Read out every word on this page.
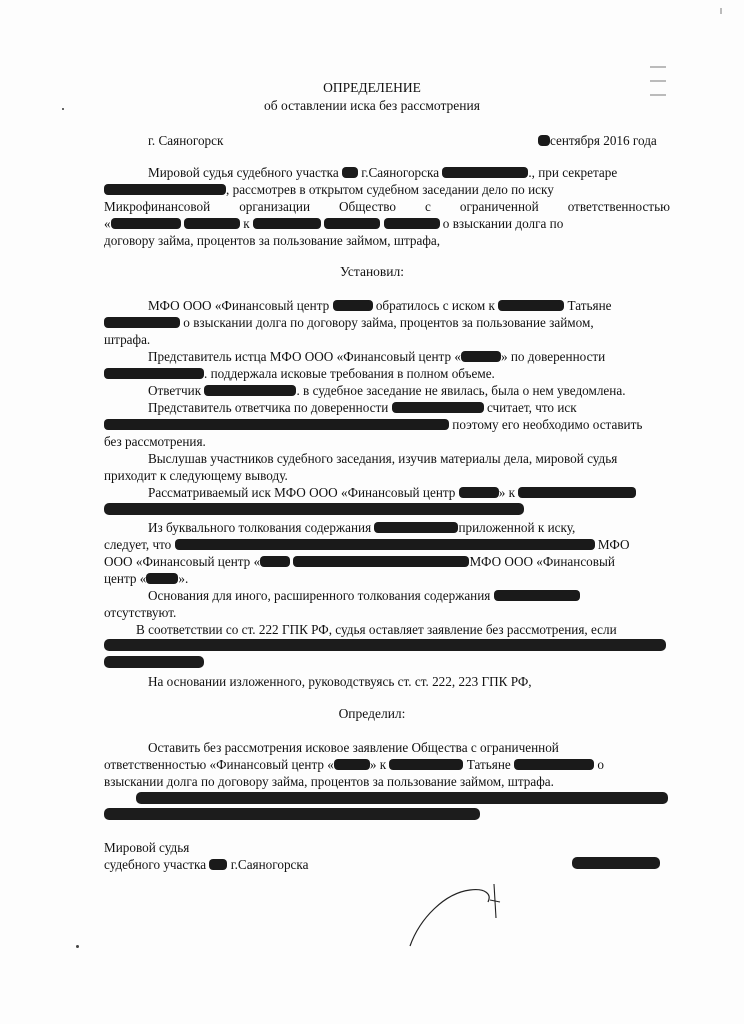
ОПРЕДЕЛЕНИЕ
об оставлении иска без рассмотрения
г. Саяногорск	сентября 2016 года
Мировой судья судебного участка г.Саяногорска	., при секретаре
, рассмотрев в открытом судебном заседании дело по иску
Микрофинансовой организации Общество с ограниченной ответственностью
«	к	о взыскании долга по
договору займа, процентов за пользование займом, штрафа,
Установил:
МФО ООО «Финансовый центр	обратилось с иском к	Татьяне
о взыскании долга по договору займа, процентов за пользование займом,
штрафа.
Представитель истца МФО ООО «Финансовый центр «	» по доверенности
. поддержала исковые требования в полном объеме.
Ответчик	. в судебное заседание не явилась, была о нем уведомлена.
Представитель ответчика по доверенности	считает, что иск
поэтому его необходимо оставить
без рассмотрения.
Выслушав участников судебного заседания, изучив материалы дела, мировой судья
приходит к следующему выводу.
Рассматриваемый иск МФО ООО «Финансовый центр	» к
Из буквального толкования содержания	приложенной к иску,
следует, что	МФО
ООО «Финансовый центр «	МФО ООО «Финансовый
центр « ».
Основания для иного, расширенного толкования содержания
отсутствуют.
В соответствии со ст. 222 ГПК РФ, судья оставляет заявление без рассмотрения, если
На основании изложенного, руководствуясь ст. ст. 222, 223 ГПК РФ,
Определил:
Оставить без рассмотрения исковое заявление Общества с ограниченной
ответственностью «Финансовый центр «	» к	Татьяне	о
взыскании долга по договору займа, процентов за пользование займом, штрафа.
Мировой судья
судебного участка г.Саяногорска
